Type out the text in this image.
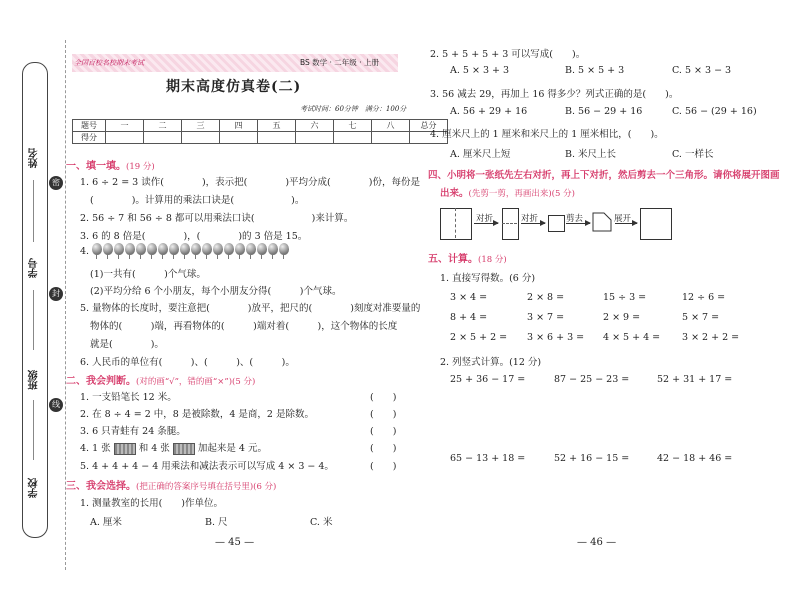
姓名
学号
班级
学校
密
封
线
全国百校名校期末考试	BS 数学 · 二年级 · 上册
期末高度仿真卷(二)
考试时间：60分钟　满分：100分
题号	一	二	三	四	五	六	七	八	总分
得分									
一、填一填。(19 分)
1. 6 ÷ 2 = 3 读作(　　　　)，表示把(　　　　)平均分成(　　　　)份，每份是
(　　　　)。计算用的乘法口诀是(　　　　　　)。
2. 56 ÷ 7 和 56 ÷ 8 都可以用乘法口诀(　　　　　　)来计算。
3. 6 的 8 倍是(　　　　)，(　　　　)的 3 倍是 15。
4.
(1)一共有(　　　)个气球。
(2)平均分给 6 个小朋友，每个小朋友分得(　　　)个气球。
5. 量物体的长度时，要注意把(　　　　)放平，把尺的(　　　　)刻度对准要量的
物体的(　　　)端，再看物体的(　　　)端对着(　　　)，这个物体的长度
就是(　　　　)。
6. 人民币的单位有(　　　)、(　　　)、(　　　)。
二、我会判断。(对的画“√”，错的画“×”)(5 分)
1. 一支铅笔长 12 米。	(　　)
2. 在 8 ÷ 4 = 2 中，8 是被除数，4 是商，2 是除数。	(　　)
3. 6 只青蛙有 24 条腿。	(　　)
4. 1 张	和 4 张	加起来是 4 元。	(　　)
5. 4 + 4 + 4 − 4 用乘法和减法表示可以写成 4 × 3 − 4。	(　　)
三、我会选择。(把正确的答案序号填在括号里)(6 分)
1. 测量教室的长用(　　)作单位。
A. 厘米	B. 尺	C. 米
— 45 —
2. 5 + 5 + 5 + 3 可以写成(　　)。
A. 5 × 3 + 3	B. 5 × 5 + 3	C. 5 × 3 − 3
3. 56 减去 29，再加上 16 得多少？列式正确的是(　　)。
A. 56 + 29 + 16	B. 56 − 29 + 16	C. 56 − (29 + 16)
4. 厘米尺上的 1 厘米和米尺上的 1 厘米相比，(　　)。
A. 厘米尺上短	B. 米尺上长	C. 一样长
四、小明将一张纸先左右对折，再上下对折，然后剪去一个三角形。请你将展开图画
出来。(先剪一剪，再画出来)(5 分)
对折	对折	剪去	展开
五、计算。(18 分)
1. 直接写得数。(6 分)
3 × 4 =	2 × 8 =	15 ÷ 3 =	12 ÷ 6 =
8 + 4 =	3 × 7 =	2 × 9 =	5 × 7 =
2 × 5 + 2 = 3 × 6 + 3 = 4 × 5 + 4 = 3 × 2 + 2 =
2. 列竖式计算。(12 分)
25 + 36 − 17 =	87 − 25 − 23 =	52 + 31 + 17 =
65 − 13 + 18 =	52 + 16 − 15 =	42 − 18 + 46 =
— 46 —
